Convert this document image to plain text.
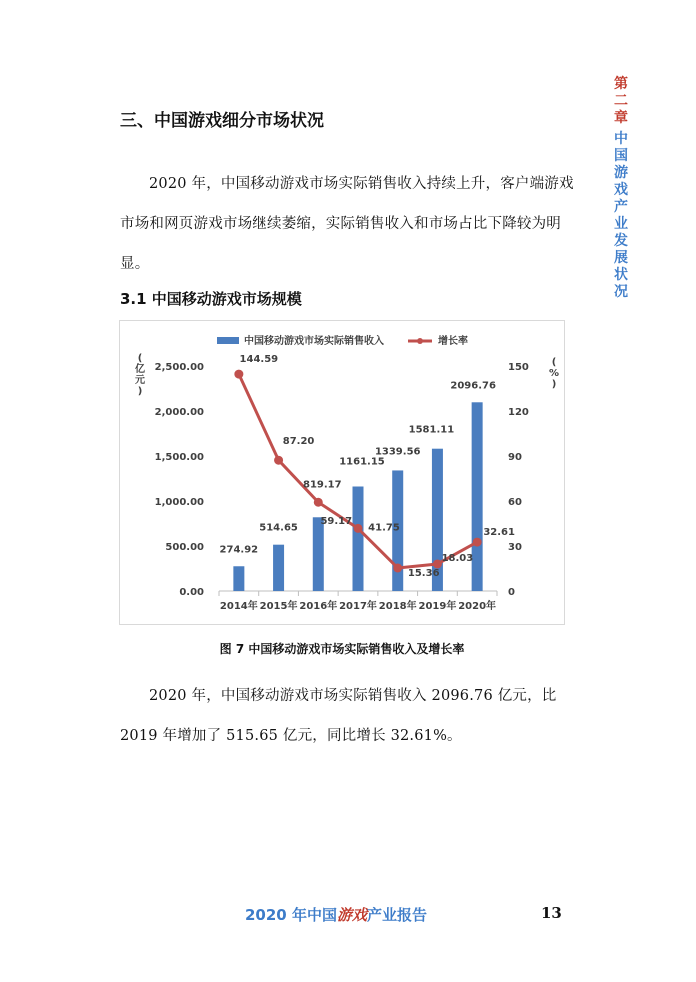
第
二
章
中
国
游
戏
产
业
发
展
状
况
三、中国游戏细分市场状况

2020 年，中国移动游戏市场实际销售收入持续上升，客户端游戏市场和网页游戏市场继续萎缩，实际销售收入和市场占比下降较为明显。

3.1 中国移动游戏市场规模
中国移动游戏市场实际销售收入	增长率
(
亿
元
)
(
%
)
0.00
500.00
1,000.00
1,500.00
2,000.00
2,500.00
0
30
60
90
120
150
2014年 2015年 2016年 2017年 2018年 2019年 2020年
274.92
514.65
819.17
1161.15
1339.56
1581.11
2096.76
144.59
87.20
59.17
41.75
15.36
18.03
32.61

图 7 中国移动游戏市场实际销售收入及增长率

2020 年，中国移动游戏市场实际销售收入 2096.76 亿元，比 2019 年增加了 515.65 亿元，同比增长 32.61%。

2020 年中国游戏产业报告	13
